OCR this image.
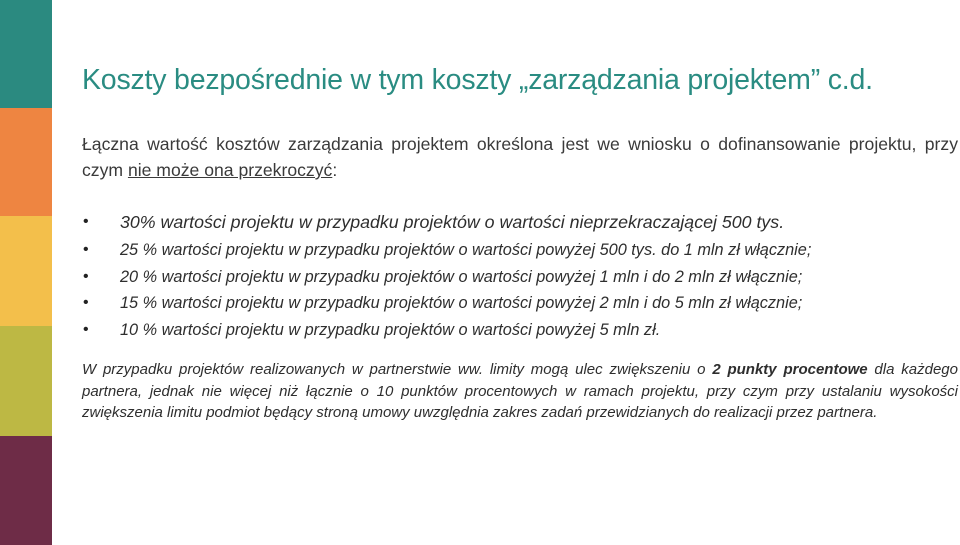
Koszty bezpośrednie w tym koszty „zarządzania projektem” c.d.

Łączna wartość kosztów zarządzania projektem określona jest we wniosku o dofinansowanie projektu, przy czym nie może ona przekroczyć:

• 30% wartości projektu w przypadku projektów o wartości nieprzekraczającej 500 tys.
• 25 % wartości projektu w przypadku projektów o wartości powyżej 500 tys. do 1 mln zł włącznie;
• 20 % wartości projektu w przypadku projektów o wartości powyżej 1 mln i do 2 mln zł włącznie;
• 15 % wartości projektu w przypadku projektów o wartości powyżej 2 mln i do 5 mln zł włącznie;
• 10 % wartości projektu w przypadku projektów o wartości powyżej 5 mln zł.

W przypadku projektów realizowanych w partnerstwie ww. limity mogą ulec zwiększeniu o 2 punkty procentowe dla każdego partnera, jednak nie więcej niż łącznie o 10 punktów procentowych w ramach projektu, przy czym przy ustalaniu wysokości zwiększenia limitu podmiot będący stroną umowy uwzględnia zakres zadań przewidzianych do realizacji przez partnera.
